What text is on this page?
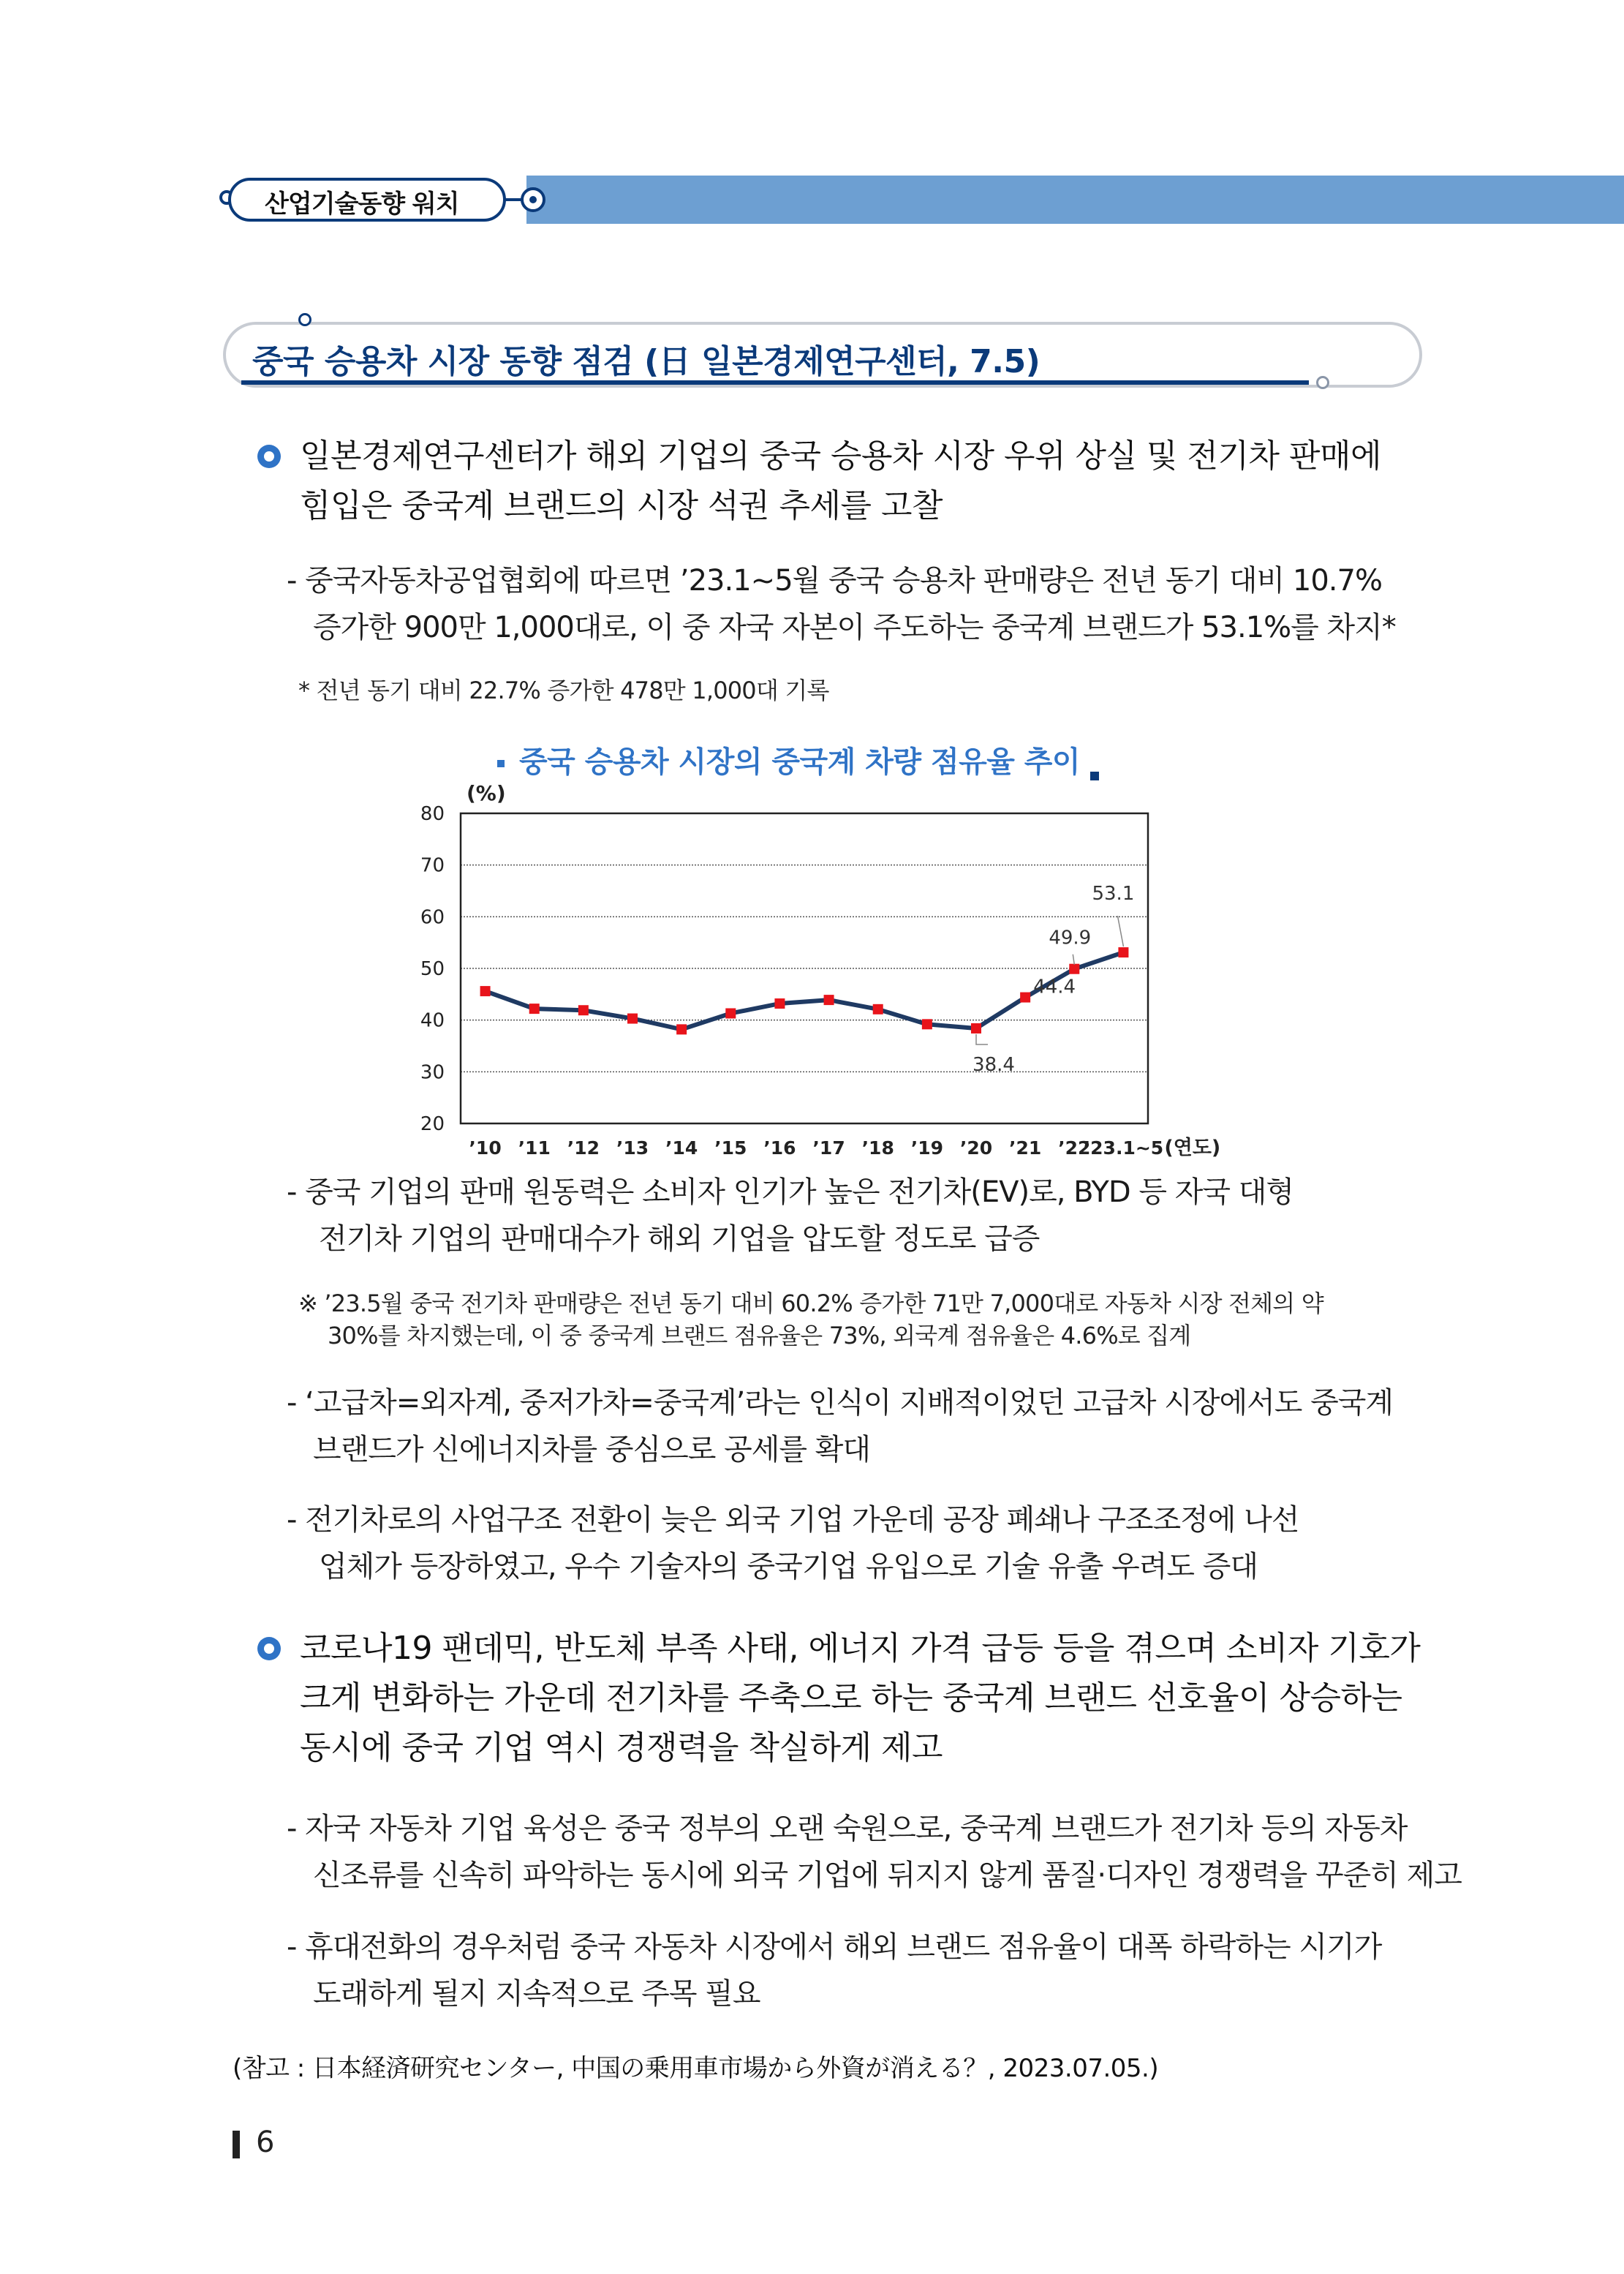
산업기술동향 워치
중국 승용차 시장 동향 점검 (日 일본경제연구센터, 7.5)
일본경제연구센터가 해외 기업의 중국 승용차 시장 우위 상실 및 전기차 판매에
힘입은 중국계 브랜드의 시장 석권 추세를 고찰
- 중국자동차공업협회에 따르면 ’23.1~5월 중국 승용차 판매량은 전년 동기 대비 10.7%
증가한 900만 1,000대로, 이 중 자국 자본이 주도하는 중국계 브랜드가 53.1%를 차지*
* 전년 동기 대비 22.7% 증가한 478만 1,000대 기록
중국 승용차 시장의 중국계 차량 점유율 추이
20
30
40
50
60
70
80
(%)
’10 ’11 ’12 ’13 ’14 ’15 ’16 ’17 ’18 ’19 ’20 ’21 ’22
’23.1~5 (연도)
38.4
44.4
49.9
53.1
- 중국 기업의 판매 원동력은 소비자 인기가 높은 전기차(EV)로, BYD 등 자국 대형
전기차 기업의 판매대수가 해외 기업을 압도할 정도로 급증
※ ’23.5월 중국 전기차 판매량은 전년 동기 대비 60.2% 증가한 71만 7,000대로 자동차 시장 전체의 약
30%를 차지했는데, 이 중 중국계 브랜드 점유율은 73%, 외국계 점유율은 4.6%로 집계
- ‘고급차=외자계, 중저가차=중국계’라는 인식이 지배적이었던 고급차 시장에서도 중국계
브랜드가 신에너지차를 중심으로 공세를 확대
- 전기차로의 사업구조 전환이 늦은 외국 기업 가운데 공장 폐쇄나 구조조정에 나선
업체가 등장하였고, 우수 기술자의 중국기업 유입으로 기술 유출 우려도 증대
코로나19 팬데믹, 반도체 부족 사태, 에너지 가격 급등 등을 겪으며 소비자 기호가
크게 변화하는 가운데 전기차를 주축으로 하는 중국계 브랜드 선호율이 상승하는
동시에 중국 기업 역시 경쟁력을 착실하게 제고
- 자국 자동차 기업 육성은 중국 정부의 오랜 숙원으로, 중국계 브랜드가 전기차 등의 자동차
신조류를 신속히 파악하는 동시에 외국 기업에 뒤지지 않게 품질·디자인 경쟁력을 꾸준히 제고
- 휴대전화의 경우처럼 중국 자동차 시장에서 해외 브랜드 점유율이 대폭 하락하는 시기가
도래하게 될지 지속적으로 주목 필요
(참고 : 日本経済研究センター, 中国の乗用車市場から外資が消える？, 2023.07.05.)
6
